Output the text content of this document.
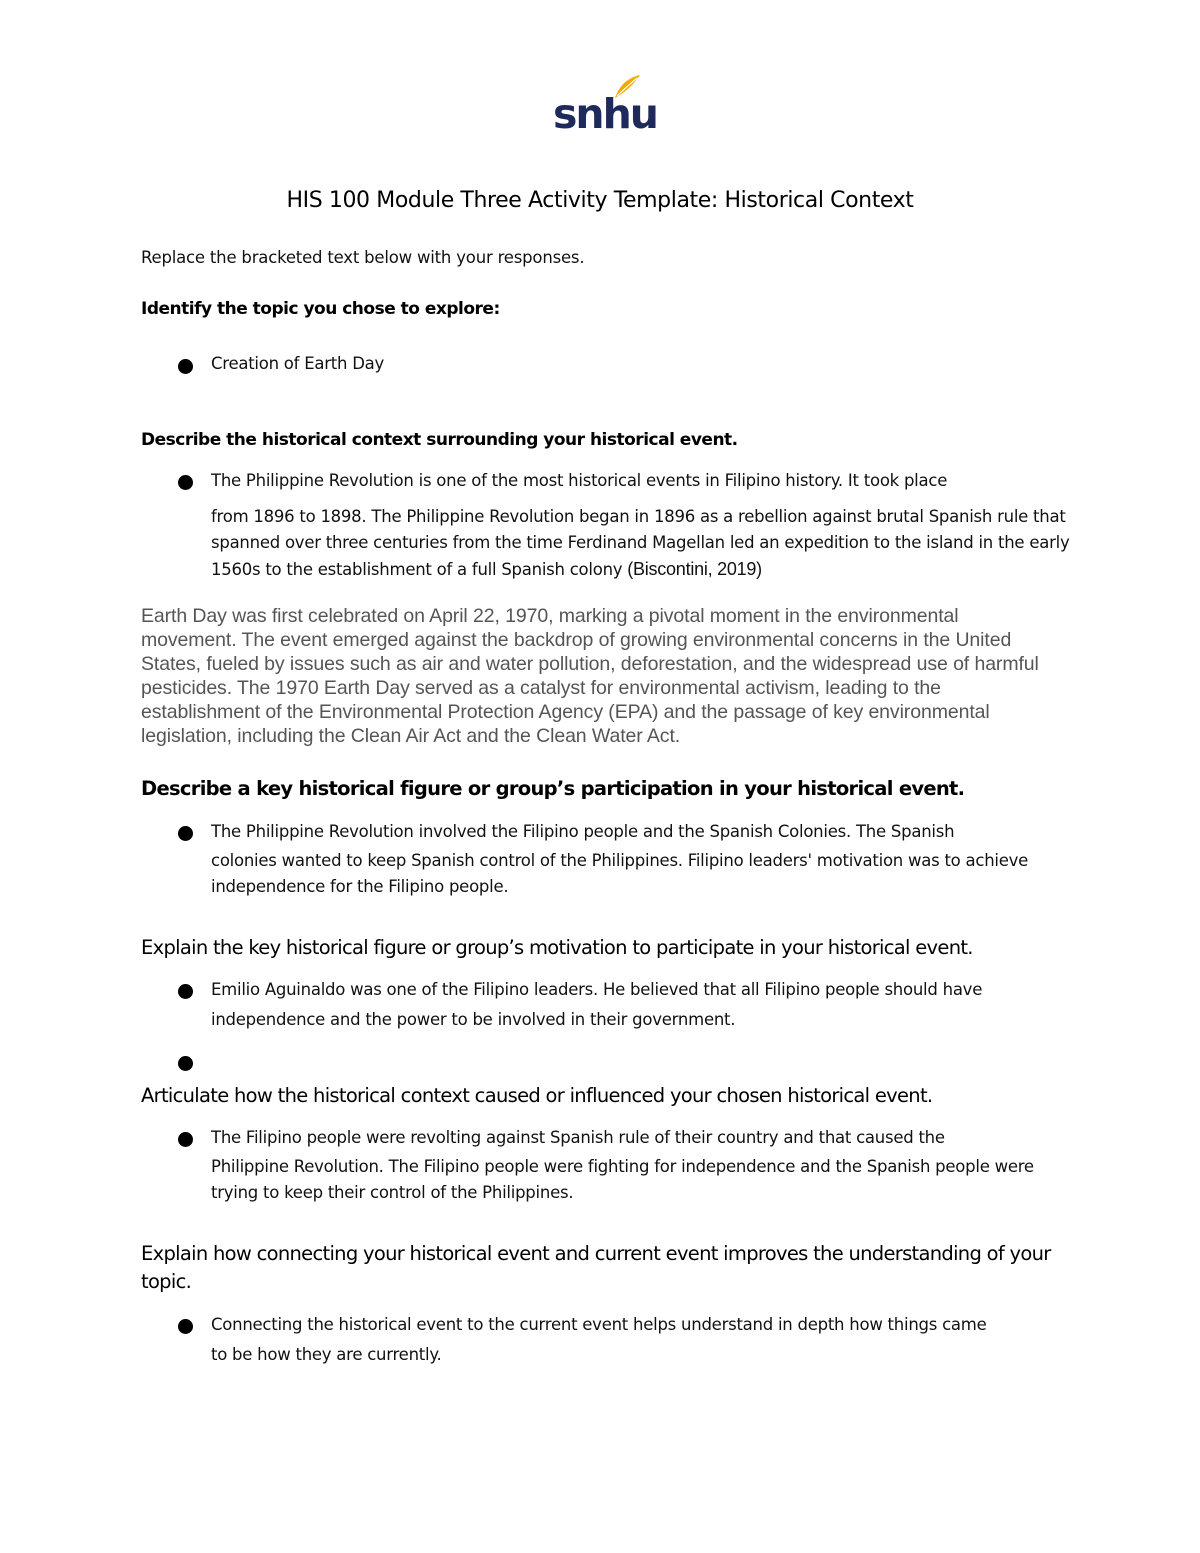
snhu
HIS 100 Module Three Activity Template: Historical Context

Replace the bracketed text below with your responses.

Identify the topic you chose to explore:

Creation of Earth Day

Describe the historical context surrounding your historical event.

The Philippine Revolution is one of the most historical events in Filipino history. It took place
from 1896 to 1898. The Philippine Revolution began in 1896 as a rebellion against brutal Spanish rule that spanned over three centuries from the time Ferdinand Magellan led an expedition to the island in the early 1560s to the establishment of a full Spanish colony (Biscontini, 2019)

Earth Day was first celebrated on April 22, 1970, marking a pivotal moment in the environmental movement. The event emerged against the backdrop of growing environmental concerns in the United States, fueled by issues such as air and water pollution, deforestation, and the widespread use of harmful pesticides. The 1970 Earth Day served as a catalyst for environmental activism, leading to the establishment of the Environmental Protection Agency (EPA) and the passage of key environmental legislation, including the Clean Air Act and the Clean Water Act.

Describe a key historical figure or group’s participation in your historical event.

The Philippine Revolution involved the Filipino people and the Spanish Colonies. The Spanish
colonies wanted to keep Spanish control of the Philippines. Filipino leaders' motivation was to achieve independence for the Filipino people.

Explain the key historical figure or group’s motivation to participate in your historical event.

Emilio Aguinaldo was one of the Filipino leaders. He believed that all Filipino people should have
independence and the power to be involved in their government.

Articulate how the historical context caused or influenced your chosen historical event.

The Filipino people were revolting against Spanish rule of their country and that caused the
Philippine Revolution. The Filipino people were fighting for independence and the Spanish people were trying to keep their control of the Philippines.

Explain how connecting your historical event and current event improves the understanding of your topic.

Connecting the historical event to the current event helps understand in depth how things came
to be how they are currently.
